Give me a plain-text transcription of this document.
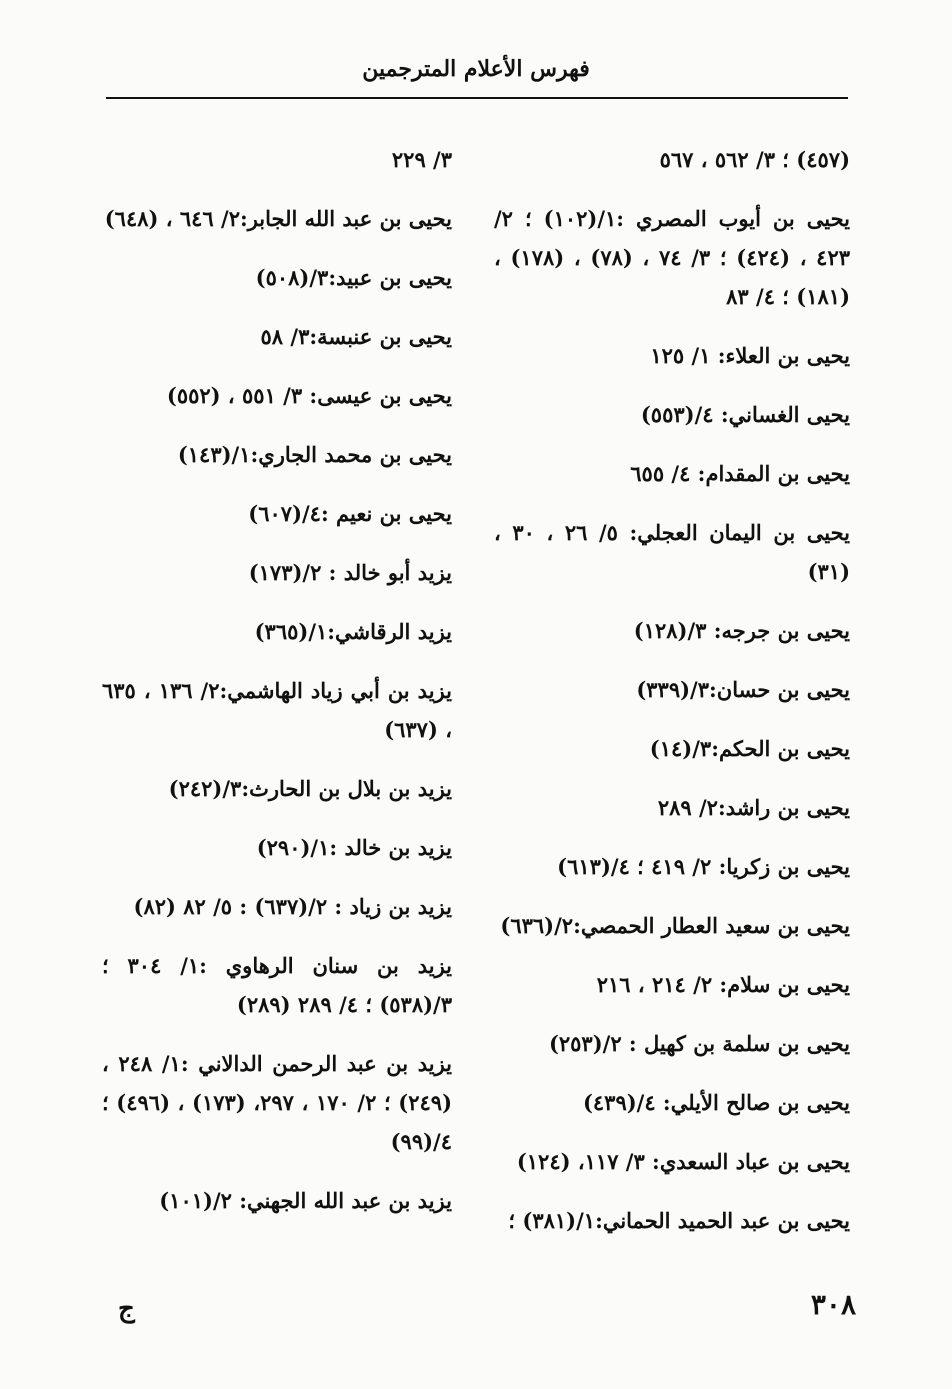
فهرس الأعلام المترجمين
(٤٥٧) ؛ ٣/ ٥٦٢ ، ٥٦٧
يحيى بن أيوب المصري :١/(١٠٢) ؛ ٢/ ٤٢٣ ، (٤٢٤) ؛ ٣/ ٧٤ ، (٧٨) ، (١٧٨) ، (١٨١) ؛ ٤/ ٨٣
يحيى بن العلاء: ١/ ١٢٥
يحيى الغساني: ٤/(٥٥٣)
يحيى بن المقدام: ٤/ ٦٥٥
يحيى بن اليمان العجلي: ٥/ ٢٦ ، ٣٠ ، (٣١)
يحيى بن جرجه: ٣/(١٢٨)
يحيى بن حسان:٣/(٣٣٩)
يحيى بن الحكم:٣/(١٤)
يحيى بن راشد:٢/ ٢٨٩
يحيى بن زكريا: ٢/ ٤١٩ ؛ ٤/(٦١٣)
يحيى بن سعيد العطار الحمصي:٢/(٦٣٦)
يحيى بن سلام: ٢/ ٢١٤ ، ٢١٦
يحيى بن سلمة بن كهيل : ٢/(٢٥٣)
يحيى بن صالح الأيلي: ٤/(٤٣٩)
يحيى بن عباد السعدي: ٣/ ١١٧، (١٢٤)
يحيى بن عبد الحميد الحماني:١/(٣٨١) ؛
٣/ ٢٢٩
يحيى بن عبد الله الجابر:٢/ ٦٤٦ ، (٦٤٨)
يحيى بن عبيد:٣/(٥٠٨)
يحيى بن عنبسة:٣/ ٥٨
يحيى بن عيسى: ٣/ ٥٥١ ، (٥٥٢)
يحيى بن محمد الجاري:١/(١٤٣)
يحيى بن نعيم :٤/(٦٠٧)
يزيد أبو خالد : ٢/(١٧٣)
يزيد الرقاشي:١/(٣٦٥)
يزيد بن أبي زياد الهاشمي:٢/ ١٣٦ ، ٦٣٥ ، (٦٣٧)
يزيد بن بلال بن الحارث:٣/(٢٤٢)
يزيد بن خالد :١/(٢٩٠)
يزيد بن زياد : ٢/(٦٣٧) : ٥/ ٨٢ (٨٢)
يزيد بن سنان الرهاوي :١/ ٣٠٤ ؛ ٣/(٥٣٨) ؛ ٤/ ٢٨٩ (٢٨٩)
يزيد بن عبد الرحمن الدالاني :١/ ٢٤٨ ، (٢٤٩) ؛ ٢/ ١٧٠ ، ٢٩٧، (١٧٣) ، (٤٩٦) ؛ ٤/(٩٩)
يزيد بن عبد الله الجهني: ٢/(١٠١)
٣٠٨
ج
